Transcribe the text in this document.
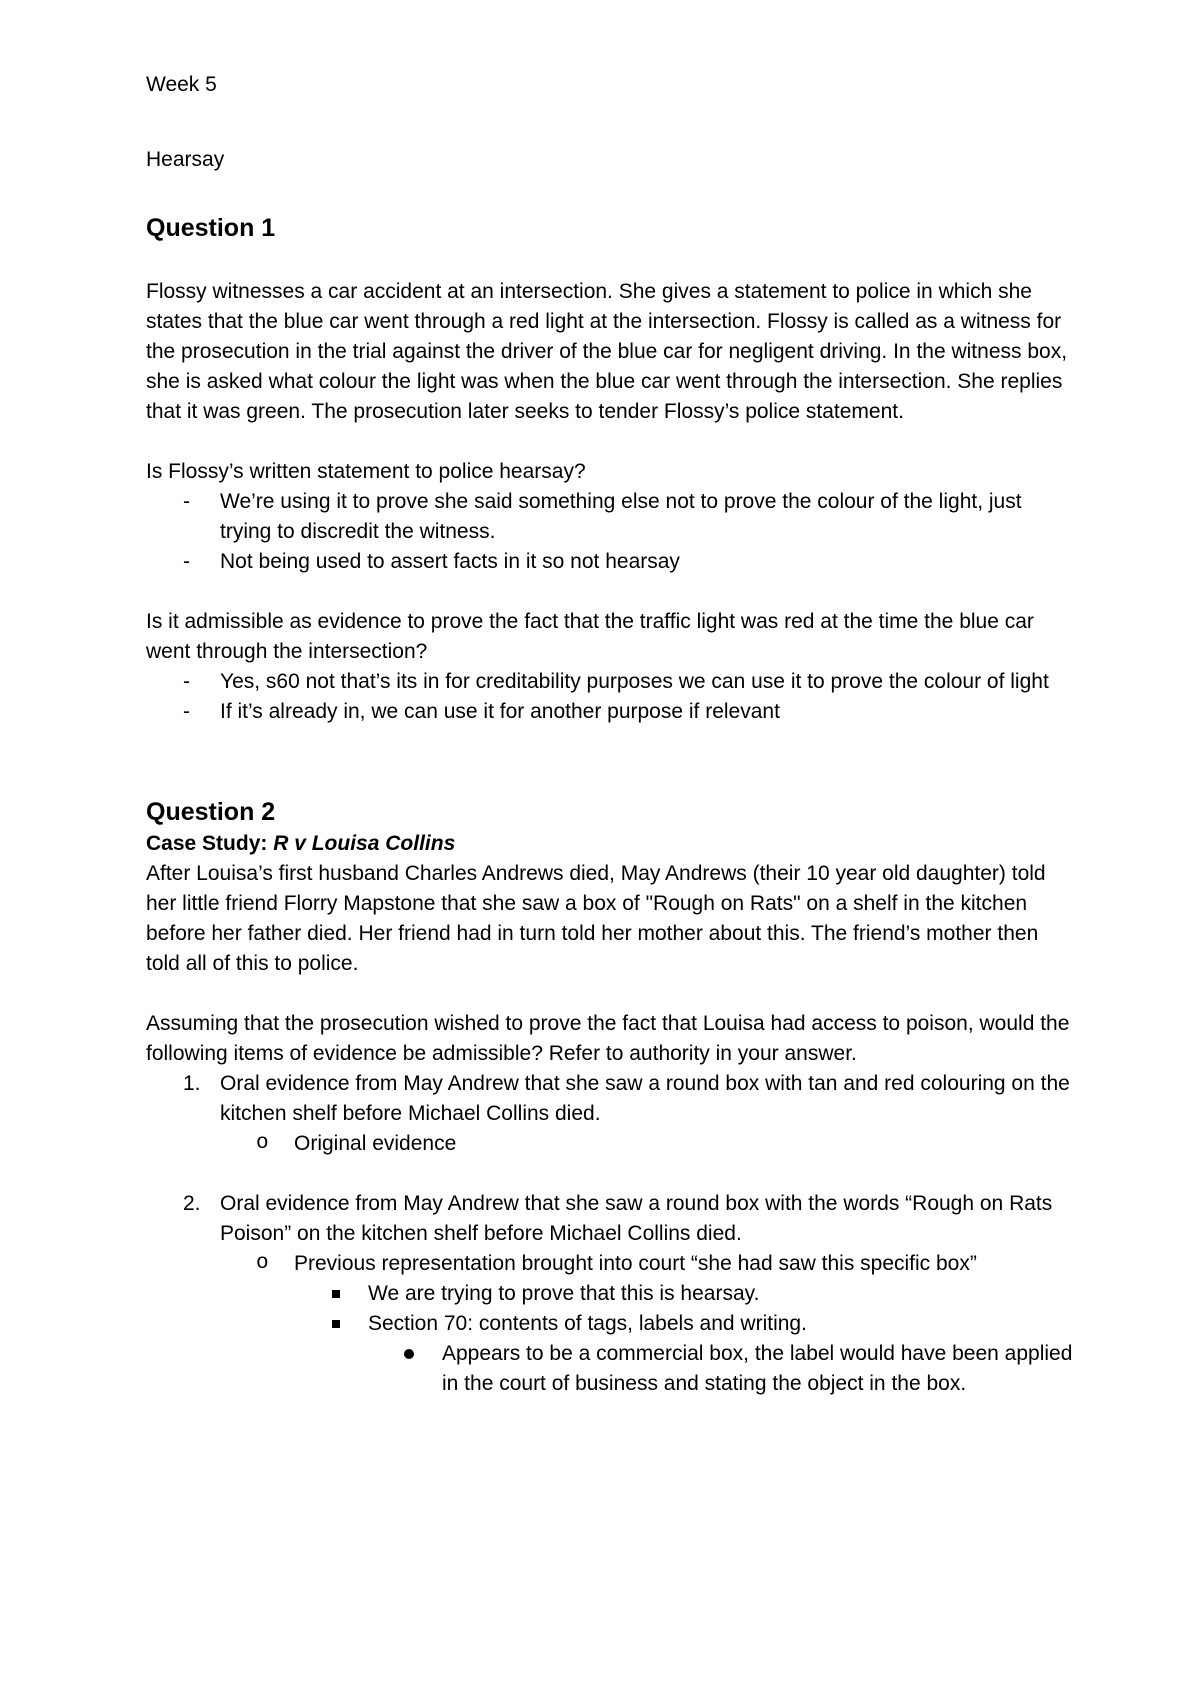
Week 5

Hearsay

Question 1

Flossy witnesses a car accident at an intersection. She gives a statement to police in which she states that the blue car went through a red light at the intersection. Flossy is called as a witness for the prosecution in the trial against the driver of the blue car for negligent driving. In the witness box, she is asked what colour the light was when the blue car went through the intersection. She replies that it was green. The prosecution later seeks to tender Flossy’s police statement.

Is Flossy’s written statement to police hearsay?

- We’re using it to prove she said something else not to prove the colour of the light, just trying to discredit the witness.
- Not being used to assert facts in it so not hearsay

Is it admissible as evidence to prove the fact that the traffic light was red at the time the blue car went through the intersection?

- Yes, s60 not that’s its in for creditability purposes we can use it to prove the colour of light
- If it’s already in, we can use it for another purpose if relevant

Question 2

Case Study: R v Louisa Collins

After Louisa’s first husband Charles Andrews died, May Andrews (their 10 year old daughter) told her little friend Florry Mapstone that she saw a box of "Rough on Rats" on a shelf in the kitchen before her father died. Her friend had in turn told her mother about this. The friend’s mother then told all of this to police.

Assuming that the prosecution wished to prove the fact that Louisa had access to poison, would the following items of evidence be admissible? Refer to authority in your answer.

1. Oral evidence from May Andrew that she saw a round box with tan and red colouring on the kitchen shelf before Michael Collins died.
o Original evidence
2. Oral evidence from May Andrew that she saw a round box with the words “Rough on Rats Poison” on the kitchen shelf before Michael Collins died.
o Previous representation brought into court “she had saw this specific box”
We are trying to prove that this is hearsay.
Section 70: contents of tags, labels and writing.
Appears to be a commercial box, the label would have been applied in the court of business and stating the object in the box.
